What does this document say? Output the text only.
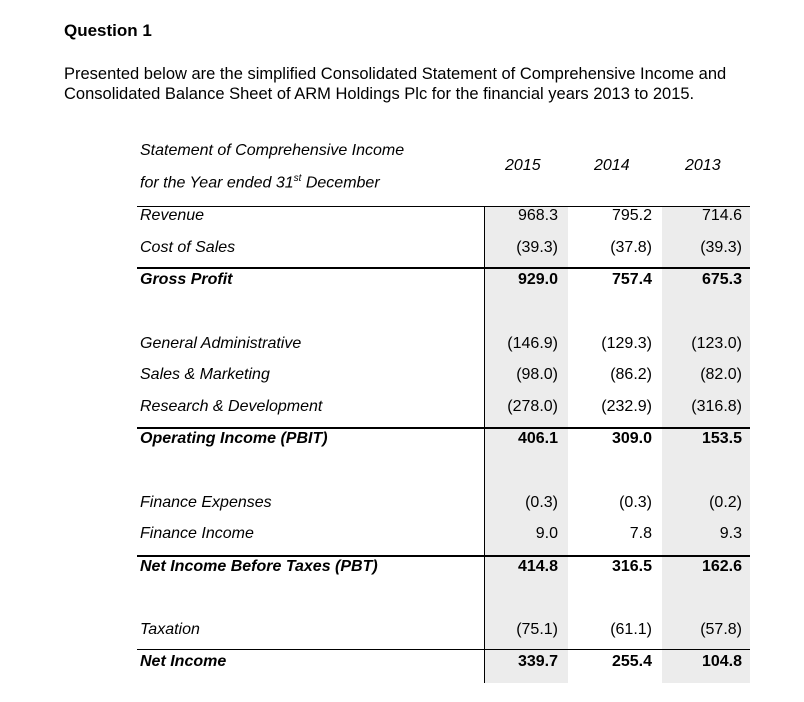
Question 1
Presented below are the simplified Consolidated Statement of Comprehensive Income and
Consolidated Balance Sheet of ARM Holdings Plc for the financial years 2013 to 2015.
Statement of Comprehensive Income
for the Year ended 31st December
2015	2014	2013
Revenue	968.3	795.2	714.6
Cost of Sales	(39.3)	(37.8)	(39.3)
Gross Profit	929.0	757.4	675.3
General Administrative	(146.9)	(129.3)	(123.0)
Sales & Marketing	(98.0)	(86.2)	(82.0)
Research & Development	(278.0)	(232.9)	(316.8)
Operating Income (PBIT)	406.1	309.0	153.5
Finance Expenses	(0.3)	(0.3)	(0.2)
Finance Income	9.0	7.8	9.3
Net Income Before Taxes (PBT)	414.8	316.5	162.6
Taxation	(75.1)	(61.1)	(57.8)
Net Income	339.7	255.4	104.8
